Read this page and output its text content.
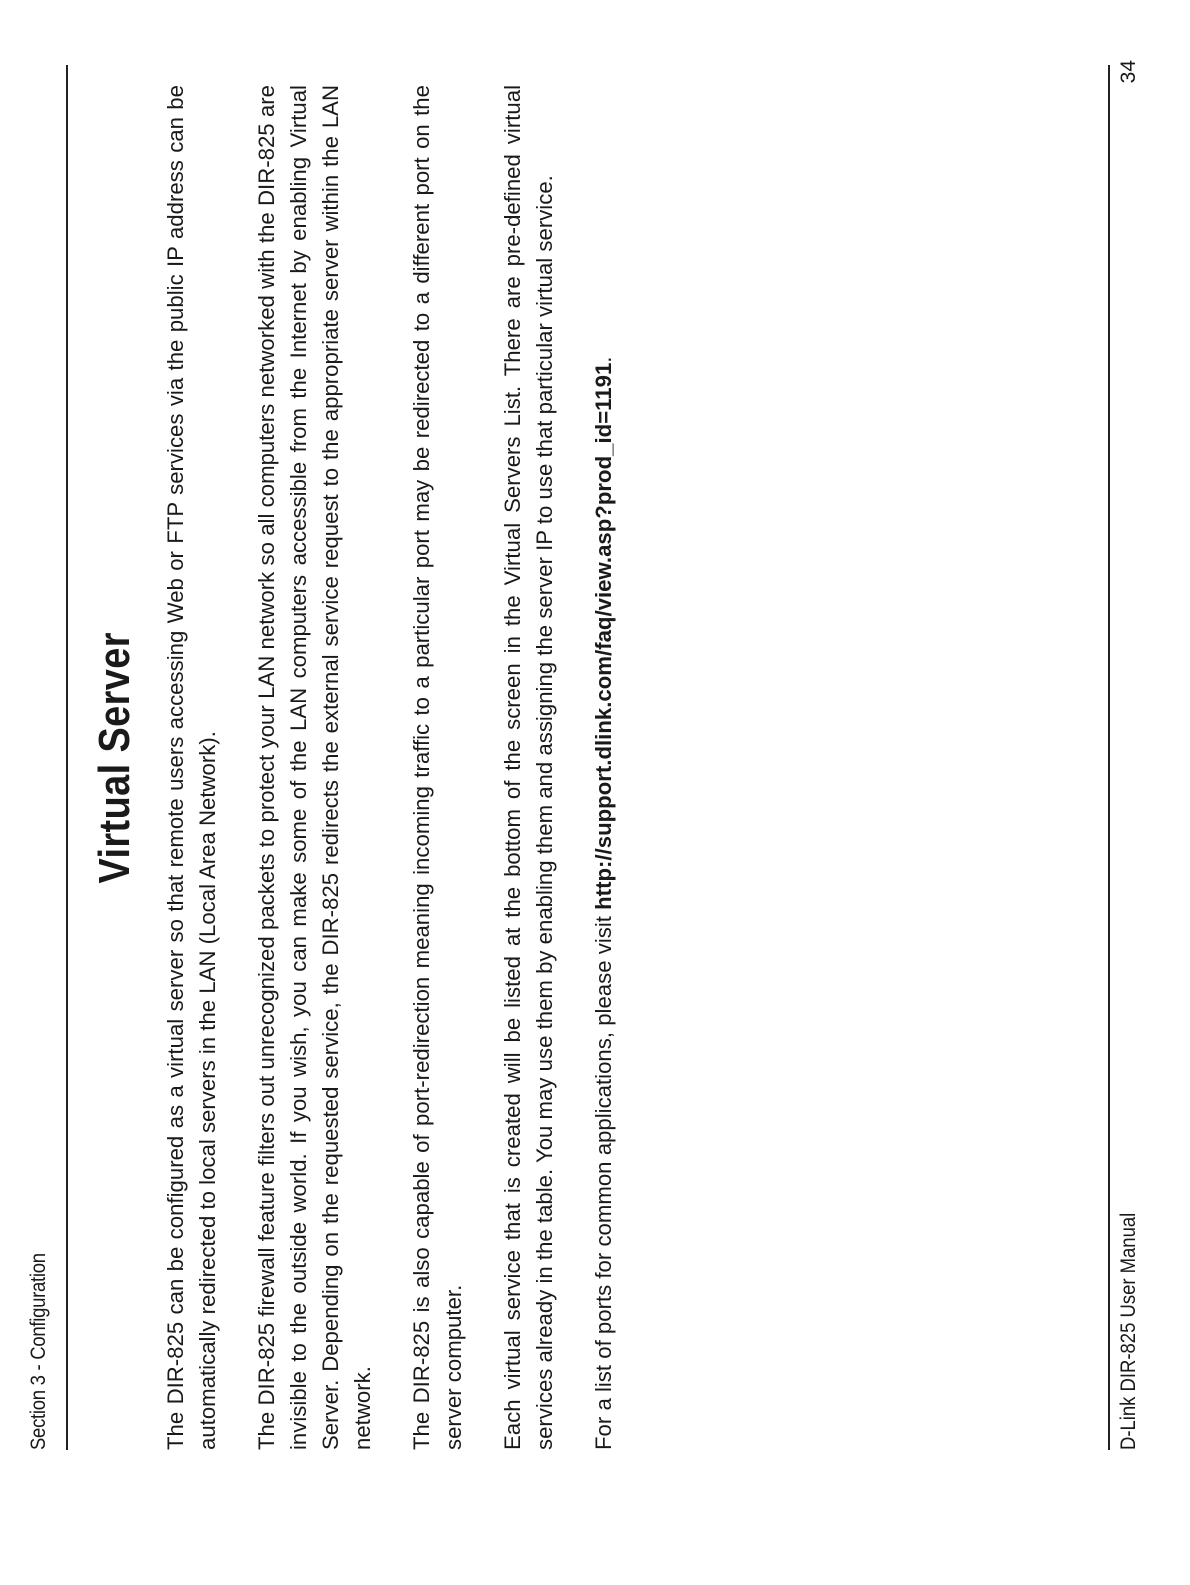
Section 3 - Configuration
Virtual Server The DIR-825 can be configured as a virtual server so that remote users accessing Web or FTP services via the public IP address can be automatically redirected to local servers in the LAN (Local Area Network). The DIR-825 firewall feature filters out unrecognized packets to protect your LAN network so all computers networked with the DIR-825 are invisible to the outside world. If you wish, you can make some of the LAN computers accessible from the Internet by enabling Virtual Server. Depending on the requested service, the DIR-825 redirects the external service request to the appropriate server within the LAN network. The DIR-825 is also capable of port-redirection meaning incoming traffic to a particular port may be redirected to a different port on the server computer. Each virtual service that is created will be listed at the bottom of the screen in the Virtual Servers List. There are pre-defined virtual services already in the table. You may use them by enabling them and assigning the server IP to use that particular virtual service. For a list of ports for common applications, please visit http://support.dlink.com/faq/view.asp?prod_id=1191.

D-Link DIR-825 User Manual
34
